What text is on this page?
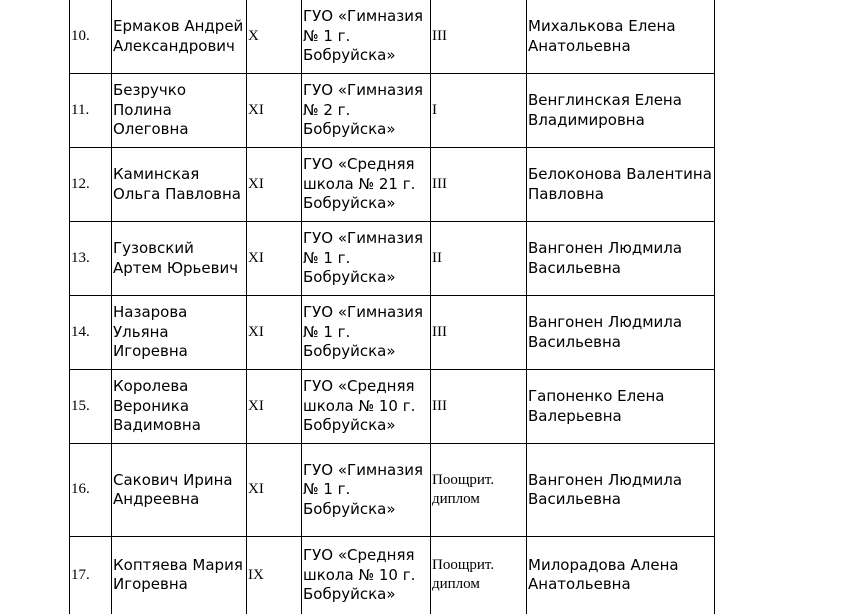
10.	Ермаков Андрей Александрович	X	ГУО «Гимназия № 1 г. Бобруйска»	III	Михалькова Елена Анатольевна
11.	Безручко Полина Олеговна	XI	ГУО «Гимназия № 2 г. Бобруйска»	I	Венглинская Елена Владимировна
12.	Каминская Ольга Павловна	XI	ГУО «Средняя школа № 21 г. Бобруйска»	III	Белоконова Валентина Павловна
13.	Гузовский Артем Юрьевич	XI	ГУО «Гимназия № 1 г. Бобруйска»	II	Вангонен Людмила Васильевна
14.	Назарова Ульяна Игоревна	XI	ГУО «Гимназия № 1 г. Бобруйска»	III	Вангонен Людмила Васильевна
15.	Королева Вероника Вадимовна	XI	ГУО «Средняя школа № 10 г. Бобруйска»	III	Гапоненко Елена Валерьевна
16.	Сакович Ирина Андреевна	XI	ГУО «Гимназия № 1 г. Бобруйска»	Поощрит. диплом	Вангонен Людмила Васильевна
17.	Коптяева Мария Игоревна	IX	ГУО «Средняя школа № 10 г. Бобруйска»	Поощрит. диплом	Милорадова Алена Анатольевна
